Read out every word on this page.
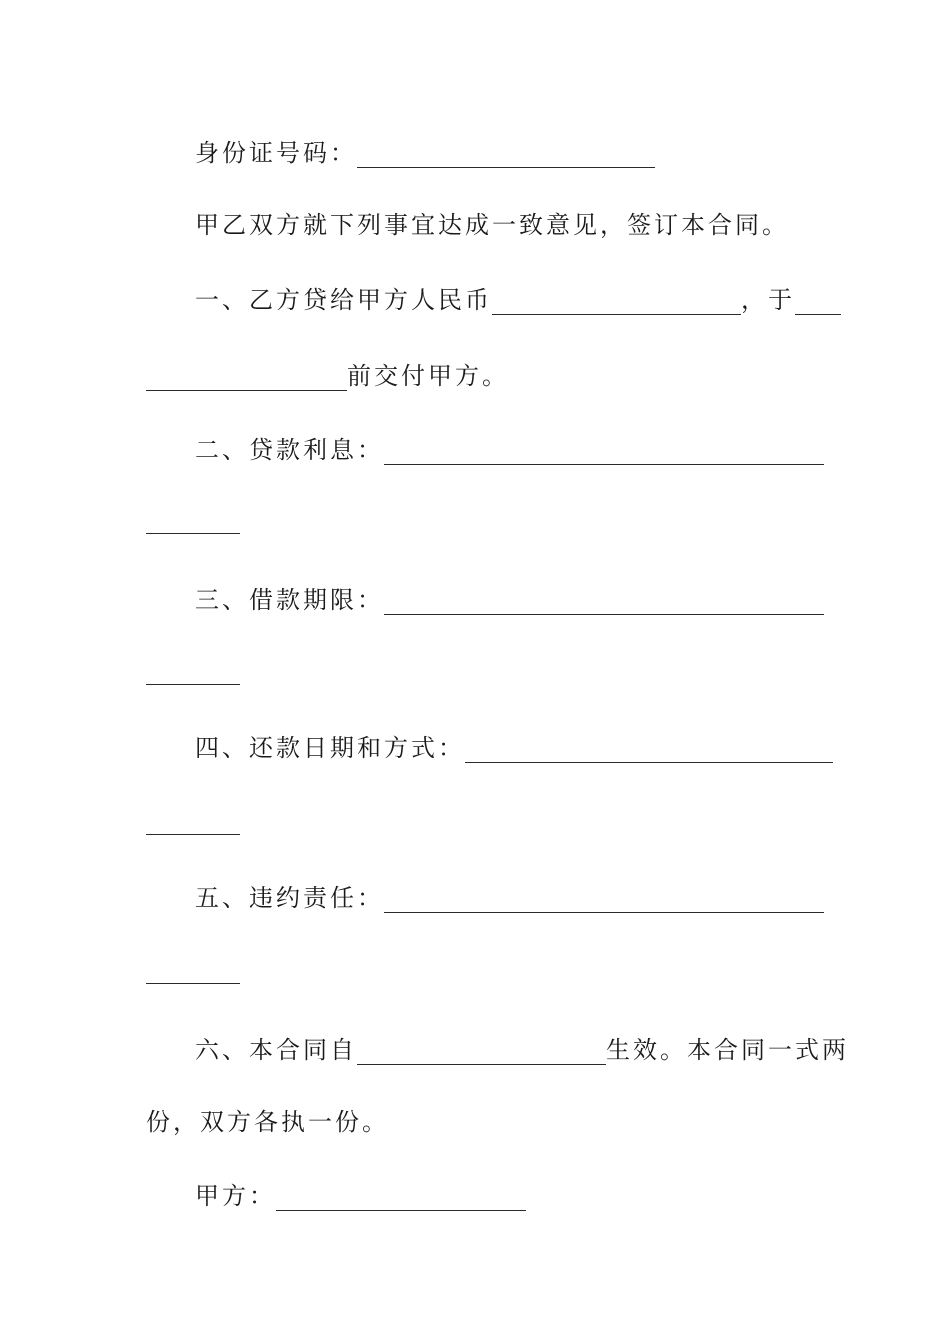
身份证号码：
甲乙双方就下列事宜达成一致意见，签订本合同。
一、乙方贷给甲方人民币	，于
前交付甲方。
二、贷款利息：
三、借款期限：
四、还款日期和方式：
五、违约责任：
六、本合同自	生效。本合同一式两
份，双方各执一份。
甲方：
